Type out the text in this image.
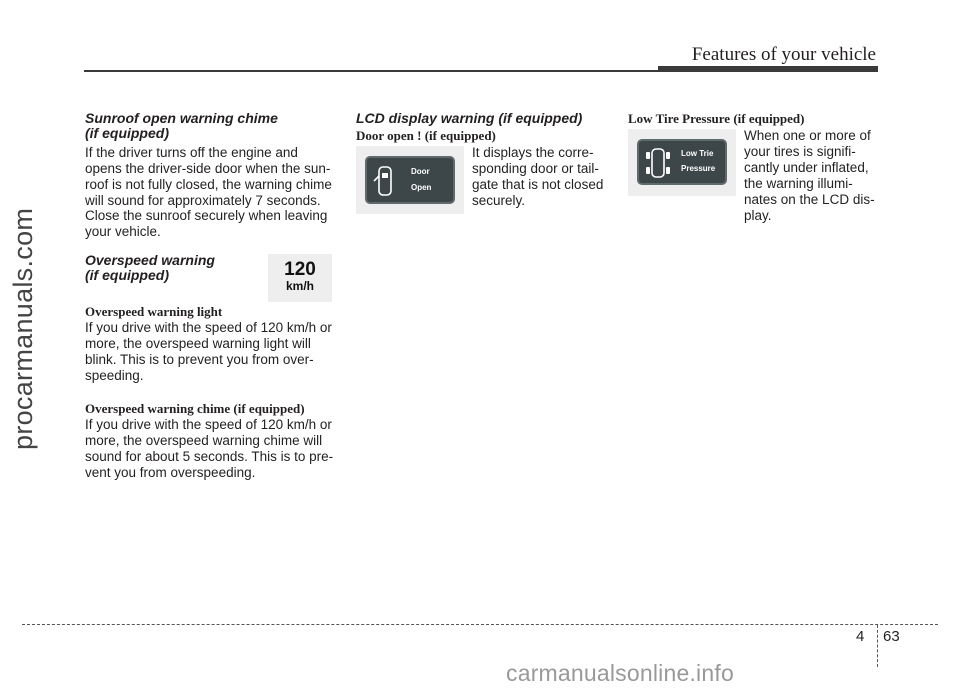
Features of your vehicle
procarmanuals.com
Sunroof open warning chime
(if equipped)
If the driver turns off the engine and
opens the driver-side door when the sun-
roof is not fully closed, the warning chime
will sound for approximately 7 seconds.
Close the sunroof securely when leaving
your vehicle.
Overspeed warning
(if equipped)	120
km/h
Overspeed warning light
If you drive with the speed of 120 km/h or
more, the overspeed warning light will
blink. This is to prevent you from over-
speeding.
Overspeed warning chime (if equipped)
If you drive with the speed of 120 km/h or
more, the overspeed warning chime will
sound for about 5 seconds. This is to pre-
vent you from overspeeding.
LCD display warning (if equipped)
Door open ! (if equipped)
Door
Open
It displays the corre-
sponding door or tail-
gate that is not closed
securely.
Low Tire Pressure (if equipped)
Low Trie
Pressure
When one or more of
your tires is signifi-
cantly under inflated,
the warning illumi-
nates on the LCD dis-
play.
4 63
carmanualsonline.info
